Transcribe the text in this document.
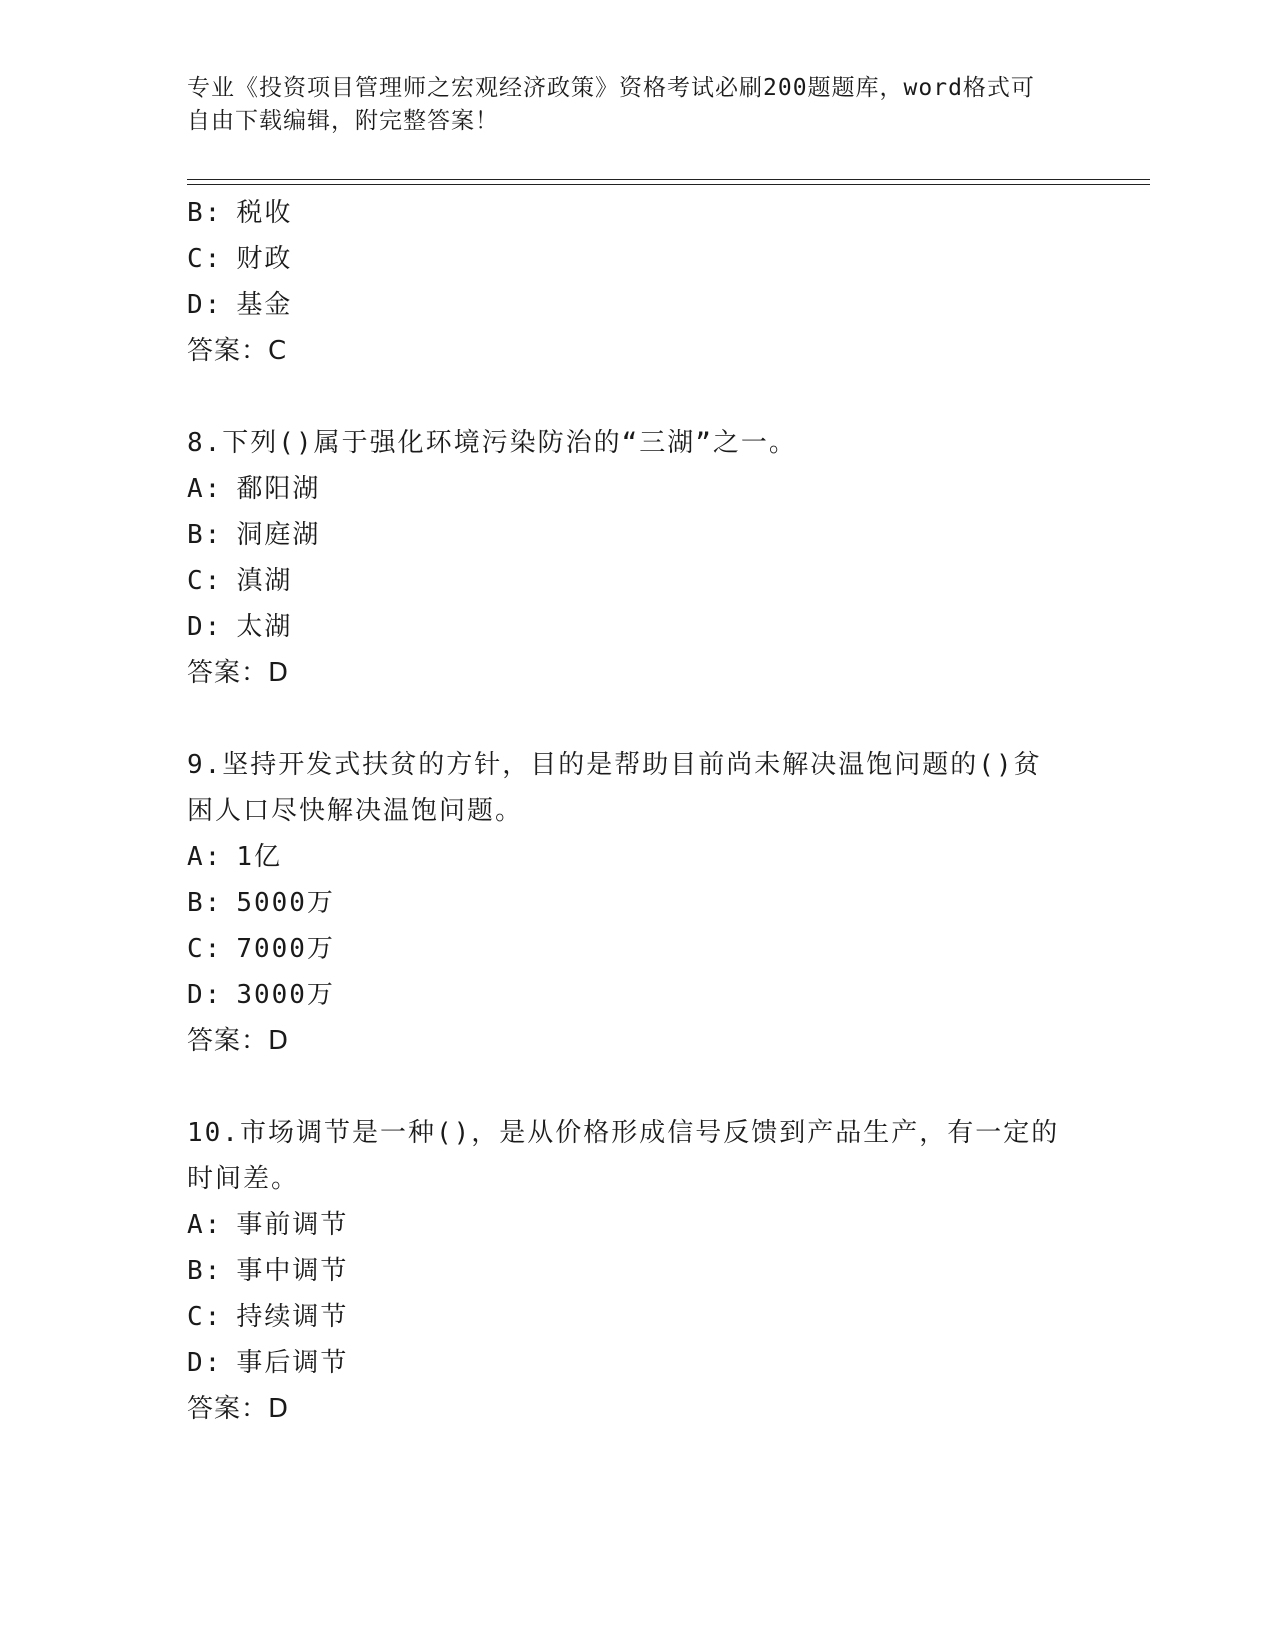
专业《投资项目管理师之宏观经济政策》资格考试必刷200题题库，word格式可
自由下载编辑，附完整答案！
B: 税收
C: 财政
D: 基金
答案：C
8.下列()属于强化环境污染防治的“三湖”之一。
A: 鄱阳湖
B: 洞庭湖
C: 滇湖
D: 太湖
答案：D
9.坚持开发式扶贫的方针，目的是帮助目前尚未解决温饱问题的()贫
困人口尽快解决温饱问题。
A: 1亿
B: 5000万
C: 7000万
D: 3000万
答案：D
10.市场调节是一种()，是从价格形成信号反馈到产品生产，有一定的
时间差。
A: 事前调节
B: 事中调节
C: 持续调节
D: 事后调节
答案：D
